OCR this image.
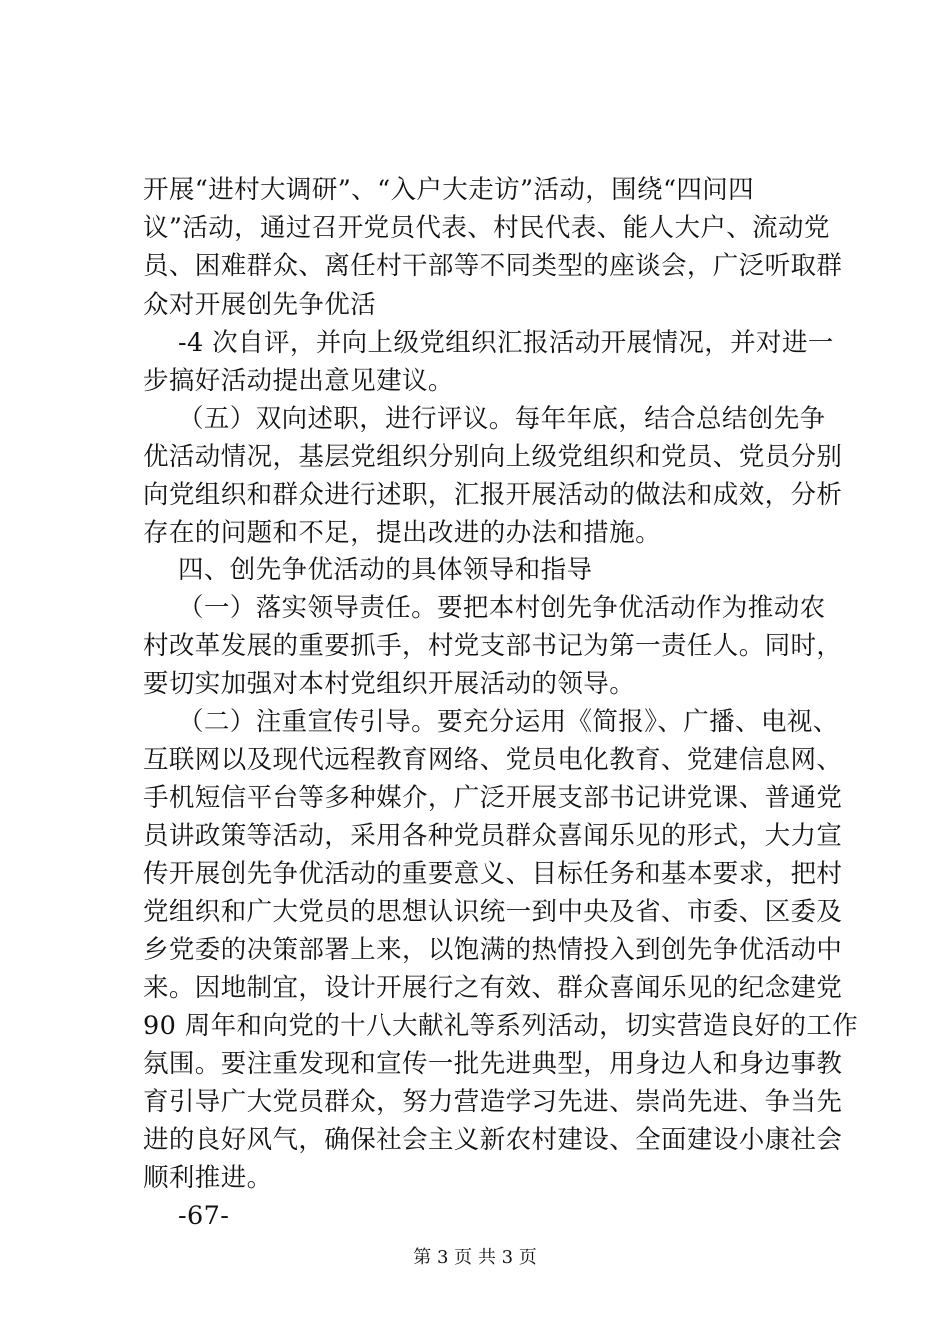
开展“进村大调研”、“入户大走访”活动，围绕“四问四
议”活动，通过召开党员代表、村民代表、能人大户、流动党
员、困难群众、离任村干部等不同类型的座谈会，广泛听取群
众对开展创先争优活
-4 次自评，并向上级党组织汇报活动开展情况，并对进一
步搞好活动提出意见建议。
（五）双向述职，进行评议。每年年底，结合总结创先争
优活动情况，基层党组织分别向上级党组织和党员、党员分别
向党组织和群众进行述职，汇报开展活动的做法和成效，分析
存在的问题和不足，提出改进的办法和措施。
四、创先争优活动的具体领导和指导
（一）落实领导责任。要把本村创先争优活动作为推动农
村改革发展的重要抓手，村党支部书记为第一责任人。同时，
要切实加强对本村党组织开展活动的领导。
（二）注重宣传引导。要充分运用《简报》、广播、电视、
互联网以及现代远程教育网络、党员电化教育、党建信息网、
手机短信平台等多种媒介，广泛开展支部书记讲党课、普通党
员讲政策等活动，采用各种党员群众喜闻乐见的形式，大力宣
传开展创先争优活动的重要意义、目标任务和基本要求，把村
党组织和广大党员的思想认识统一到中央及省、市委、区委及
乡党委的决策部署上来，以饱满的热情投入到创先争优活动中
来。因地制宜，设计开展行之有效、群众喜闻乐见的纪念建党
90 周年和向党的十八大献礼等系列活动，切实营造良好的工作
氛围。要注重发现和宣传一批先进典型，用身边人和身边事教
育引导广大党员群众，努力营造学习先进、崇尚先进、争当先
进的良好风气，确保社会主义新农村建设、全面建设小康社会
顺利推进。
-67-
第 3 页 共 3 页
